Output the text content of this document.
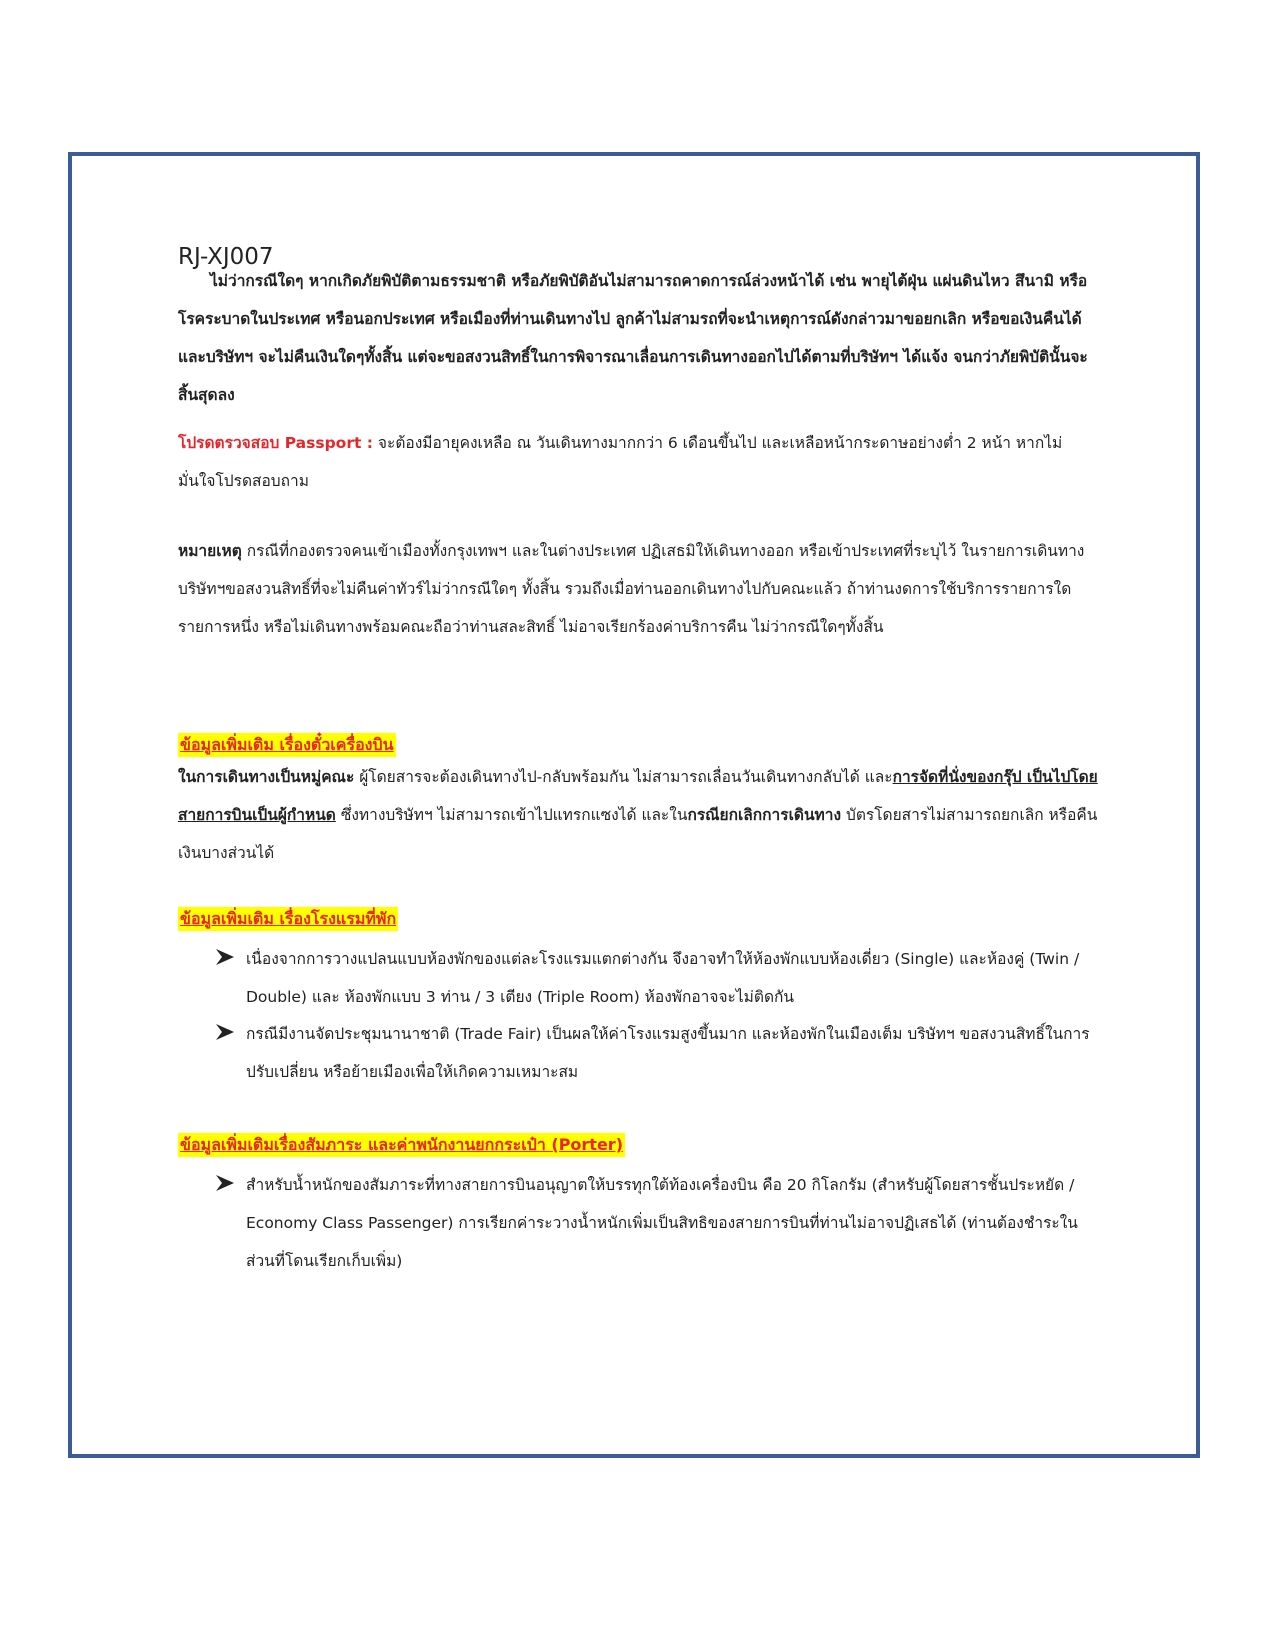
RJ-XJ007

ไม่ว่ากรณีใดๆ หากเกิดภัยพิบัติตามธรรมชาติ หรือภัยพิบัติอันไม่สามารถคาดการณ์ล่วงหน้าได้ เช่น พายุไต้ฝุ่น แผ่นดินไหว สึนามิ หรือโรคระบาดในประเทศ หรือนอกประเทศ หรือเมืองที่ท่านเดินทางไป ลูกค้าไม่สามรถที่จะนำเหตุการณ์ดังกล่าวมาขอยกเลิก หรือขอเงินคืนได้ และบริษัทฯ จะไม่คืนเงินใดๆทั้งสิ้น แต่จะขอสงวนสิทธิ์ในการพิจารณาเลื่อนการเดินทางออกไปได้ตามที่บริษัทฯ ได้แจ้ง จนกว่าภัยพิบัตินั้นจะสิ้นสุดลง

โปรดตรวจสอบ Passport : จะต้องมีอายุคงเหลือ ณ วันเดินทางมากกว่า 6 เดือนขึ้นไป และเหลือหน้ากระดาษอย่างต่ำ 2 หน้า หากไม่มั่นใจโปรดสอบถาม

หมายเหตุ กรณีที่กองตรวจคนเข้าเมืองทั้งกรุงเทพฯ และในต่างประเทศ ปฏิเสธมิให้เดินทางออก หรือเข้าประเทศที่ระบุไว้ ในรายการเดินทาง บริษัทฯขอสงวนสิทธิ์ที่จะไม่คืนค่าทัวร์ไม่ว่ากรณีใดๆ ทั้งสิ้น รวมถึงเมื่อท่านออกเดินทางไปกับคณะแล้ว ถ้าท่านงดการใช้บริการรายการใดรายการหนึ่ง หรือไม่เดินทางพร้อมคณะถือว่าท่านสละสิทธิ์ ไม่อาจเรียกร้องค่าบริการคืน ไม่ว่ากรณีใดๆทั้งสิ้น

ข้อมูลเพิ่มเติม เรื่องตั๋วเครื่องบิน

ในการเดินทางเป็นหมู่คณะ ผู้โดยสารจะต้องเดินทางไป-กลับพร้อมกัน ไม่สามารถเลื่อนวันเดินทางกลับได้ และการจัดที่นั่งของกรุ๊ป เป็นไปโดยสายการบินเป็นผู้กำหนด ซึ่งทางบริษัทฯ ไม่สามารถเข้าไปแทรกแซงได้ และในกรณียกเลิกการเดินทาง บัตรโดยสารไม่สามารถยกเลิก หรือคืนเงินบางส่วนได้

ข้อมูลเพิ่มเติม เรื่องโรงแรมที่พัก

เนื่องจากการวางแปลนแบบห้องพักของแต่ละโรงแรมแตกต่างกัน จึงอาจทำให้ห้องพักแบบห้องเดี่ยว (Single) และห้องคู่ (Twin / Double) และ ห้องพักแบบ 3 ท่าน / 3 เตียง (Triple Room) ห้องพักอาจจะไม่ติดกัน

กรณีมีงานจัดประชุมนานาชาติ (Trade Fair) เป็นผลให้ค่าโรงแรมสูงขึ้นมาก และห้องพักในเมืองเต็ม บริษัทฯ ขอสงวนสิทธิ์ในการปรับเปลี่ยน หรือย้ายเมืองเพื่อให้เกิดความเหมาะสม

ข้อมูลเพิ่มเติมเรื่องสัมภาระ และค่าพนักงานยกกระเป๋า (Porter)

สำหรับน้ำหนักของสัมภาระที่ทางสายการบินอนุญาตให้บรรทุกใต้ท้องเครื่องบิน คือ 20 กิโลกรัม (สำหรับผู้โดยสารชั้นประหยัด / Economy Class Passenger) การเรียกค่าระวางน้ำหนักเพิ่มเป็นสิทธิของสายการบินที่ท่านไม่อาจปฏิเสธได้ (ท่านต้องชำระในส่วนที่โดนเรียกเก็บเพิ่ม)
